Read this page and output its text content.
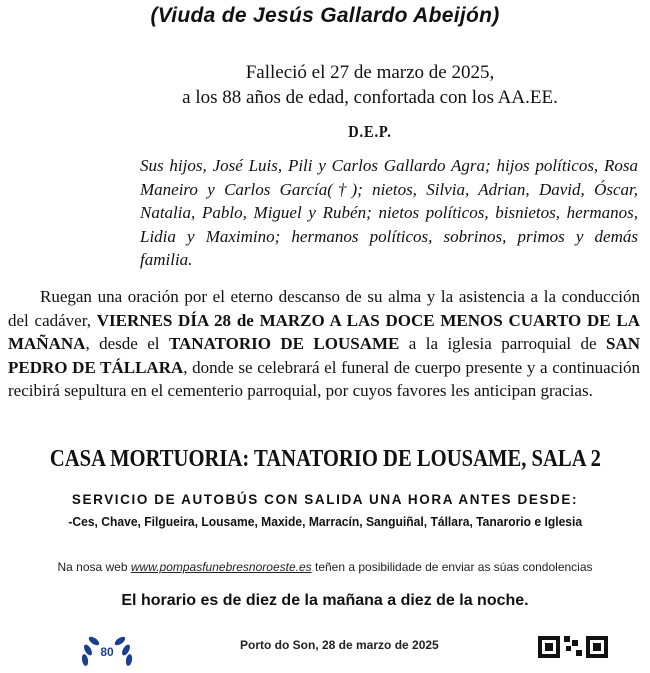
(Viuda de Jesús Gallardo Abeijón)
Falleció el 27 de marzo de 2025,
a los 88 años de edad, confortada con los AA.EE.
D.E.P.
Sus hijos, José Luis, Pili y Carlos Gallardo Agra; hijos políticos, Rosa Maneiro y Carlos García(†); nietos, Silvia, Adrian, David, Óscar, Natalia, Pablo, Miguel y Rubén; nietos políticos, bisnietos, hermanos, Lidia y Maximino; hermanos políticos, sobrinos, primos y demás familia.
Ruegan una oración por el eterno descanso de su alma y la asistencia a la conducción del cadáver, VIERNES DÍA 28 de MARZO A LAS DOCE MENOS CUARTO DE LA MAÑANA, desde el TANATORIO DE LOUSAME a la iglesia parroquial de SAN PEDRO DE TÁLLARA, donde se celebrará el funeral de cuerpo presente y a continuación recibirá sepultura en el cementerio parroquial, por cuyos favores les anticipan gracias.
CASA MORTUORIA: TANATORIO DE LOUSAME, SALA 2
SERVICIO DE AUTOBÚS CON SALIDA UNA HORA ANTES DESDE:
-Ces, Chave, Filgueira, Lousame, Maxide, Marracín, Sanguiñal, Tállara, Tanarorio e Iglesia
Na nosa web www.pompasfunebresnoroeste.es teñen a posibilidade de enviar as súas condolencias
El horario es de diez de la mañana a diez de la noche.
80	Porto do Son, 28 de marzo de 2025
